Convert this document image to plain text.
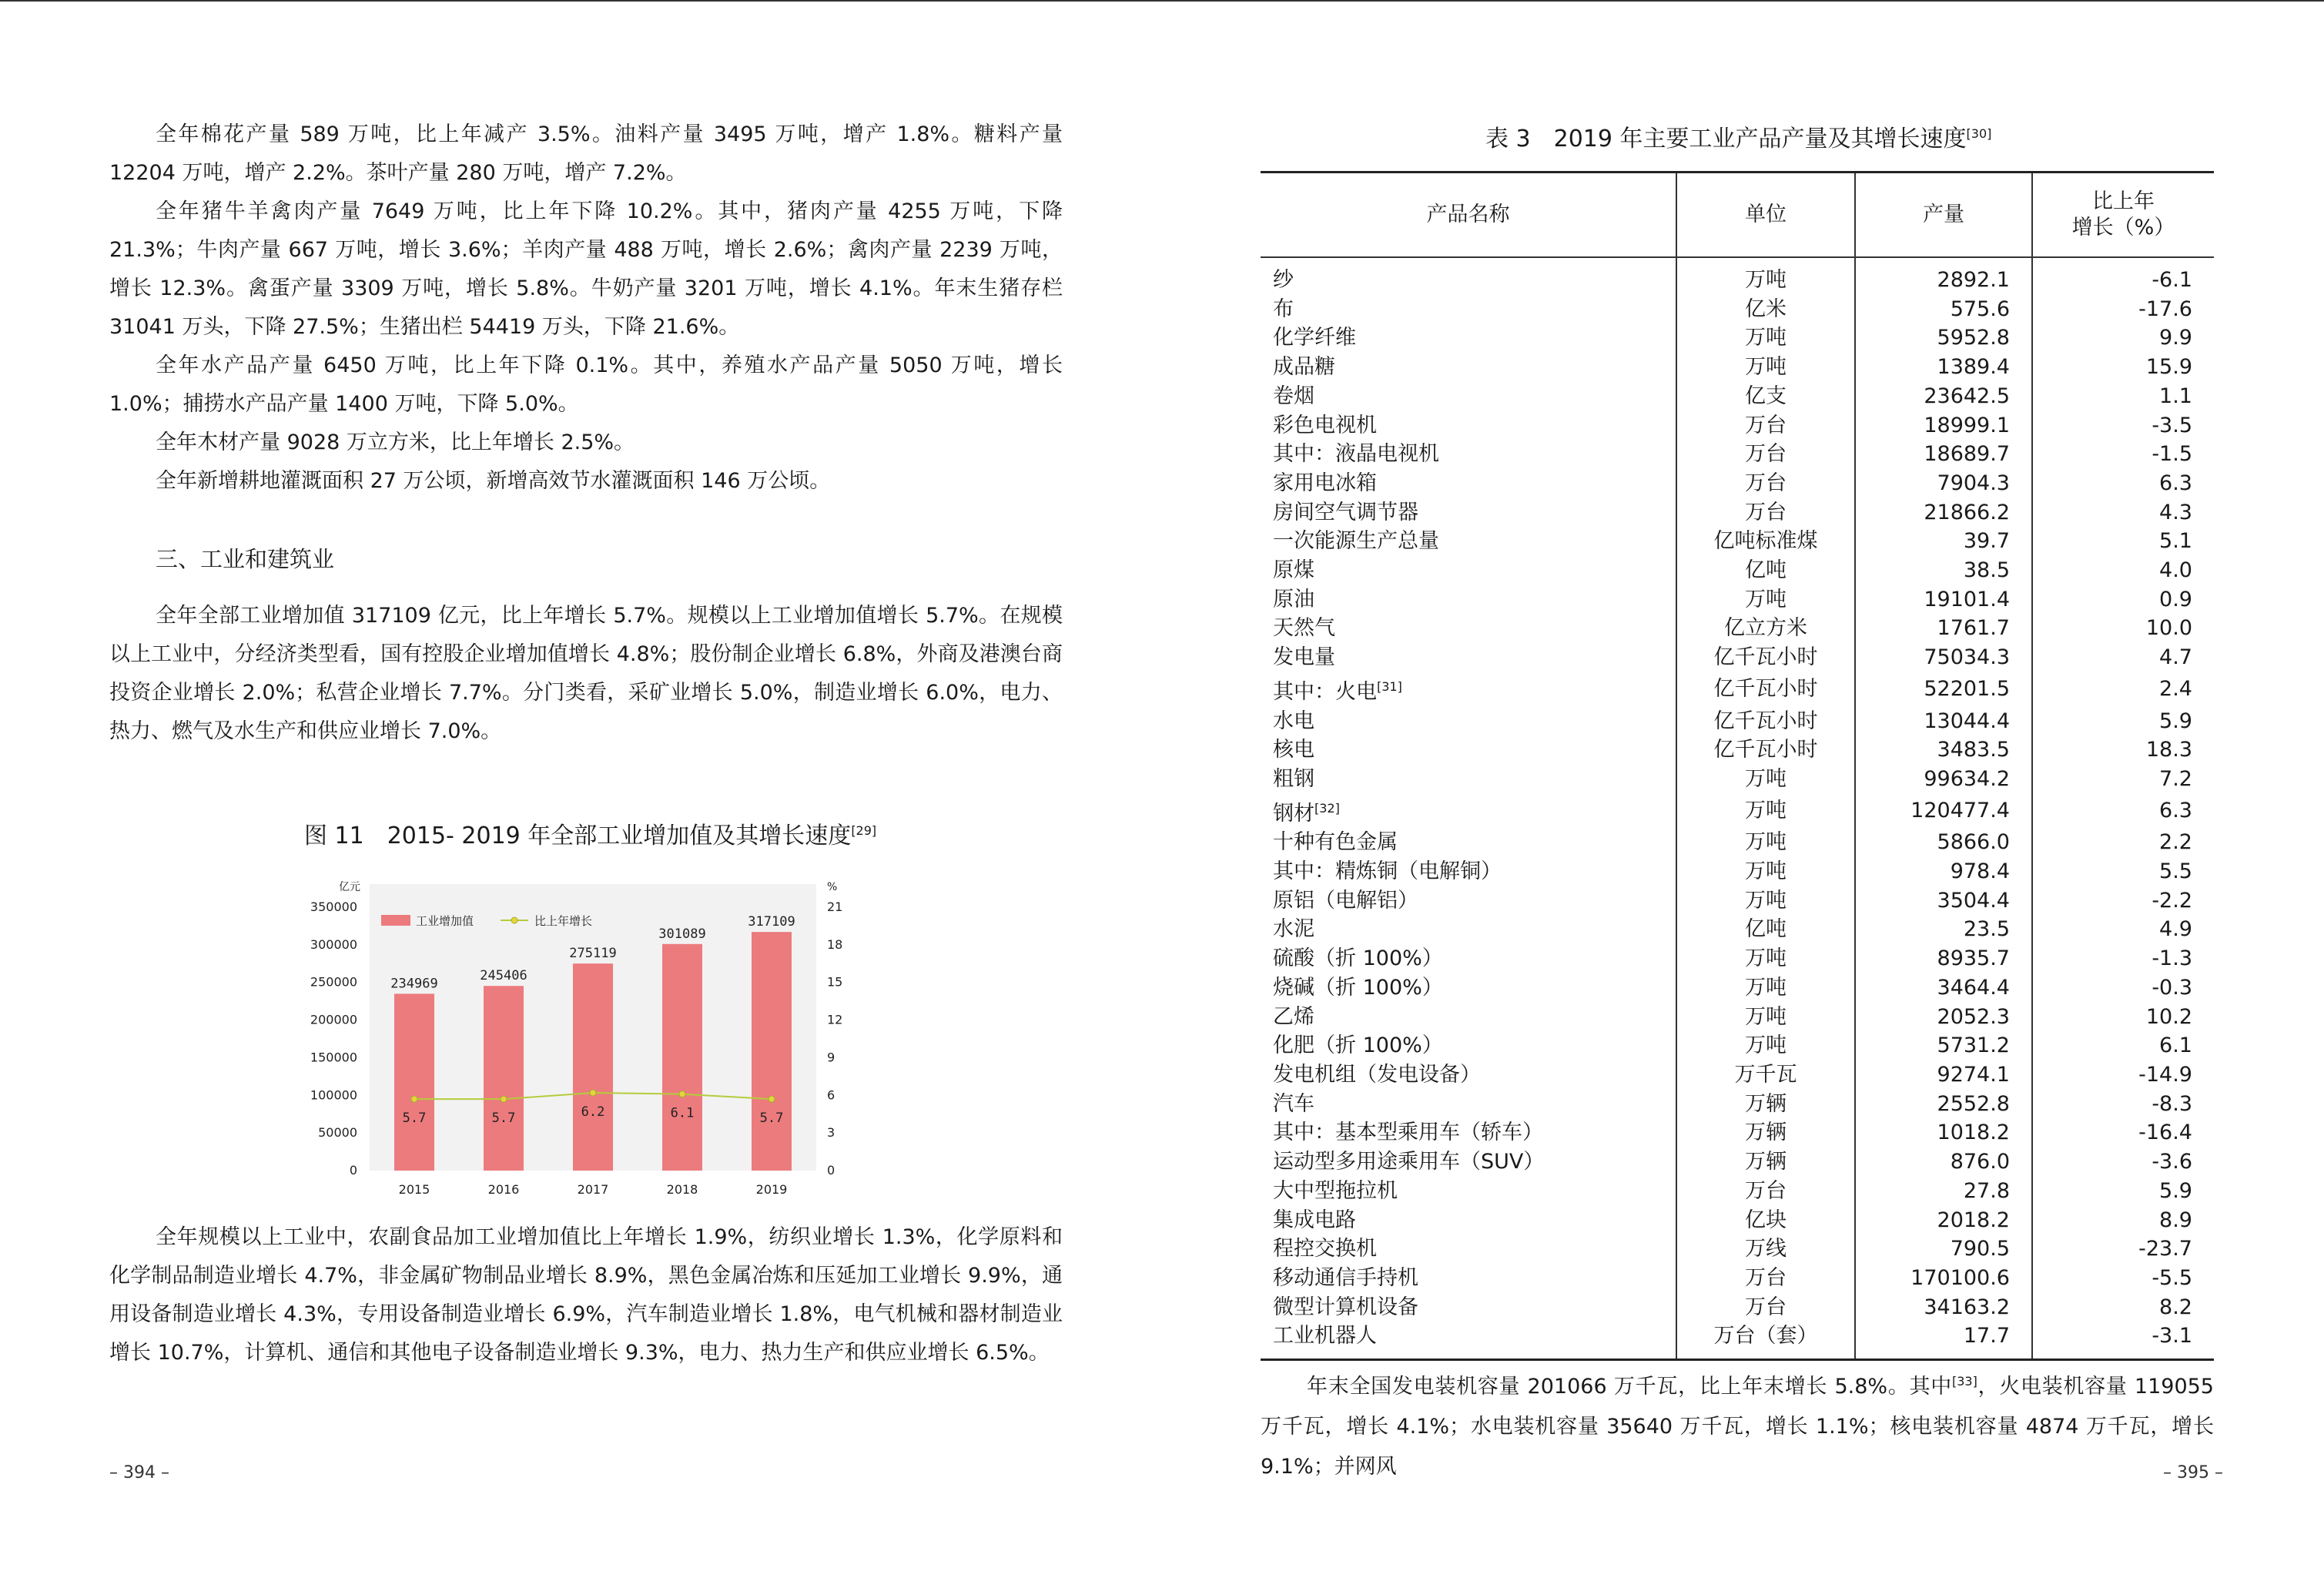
全年棉花产量 589 万吨，比上年减产 3.5%。油料产量 3495 万吨，增产 1.8%。糖料产量 12204 万吨，增产 2.2%。茶叶产量 280 万吨，增产 7.2%。

全年猪牛羊禽肉产量 7649 万吨，比上年下降 10.2%。其中，猪肉产量 4255 万吨，下降 21.3%；牛肉产量 667 万吨，增长 3.6%；羊肉产量 488 万吨，增长 2.6%；禽肉产量 2239 万吨，增长 12.3%。禽蛋产量 3309 万吨，增长 5.8%。牛奶产量 3201 万吨，增长 4.1%。年末生猪存栏 31041 万头，下降 27.5%；生猪出栏 54419 万头，下降 21.6%。

全年水产品产量 6450 万吨，比上年下降 0.1%。其中，养殖水产品产量 5050 万吨，增长 1.0%；捕捞水产品产量 1400 万吨，下降 5.0%。

全年木材产量 9028 万立方米，比上年增长 2.5%。

全年新增耕地灌溉面积 27 万公顷，新增高效节水灌溉面积 146 万公顷。

三、工业和建筑业

全年全部工业增加值 317109 亿元，比上年增长 5.7%。规模以上工业增加值增长 5.7%。在规模以上工业中，分经济类型看，国有控股企业增加值增长 4.8%；股份制企业增长 6.8%，外商及港澳台商投资企业增长 2.0%；私营企业增长 7.7%。分门类看，采矿业增长 5.0%，制造业增长 6.0%，电力、热力、燃气及水生产和供应业增长 7.0%。

图 11　2015- 2019 年全部工业增加值及其增长速度[29]
亿元	%
0
50000
100000
150000
200000
250000
300000
350000
0
3
6
9
12
15
18
21
234969
2015
245406
2016
275119
2017
301089
2018
317109
2019
5.7	5.7	6.2	6.1	5.7
工业增加值	比上年增长

全年规模以上工业中，农副食品加工业增加值比上年增长 1.9%，纺织业增长 1.3%，化学原料和化学制品制造业增长 4.7%，非金属矿物制品业增长 8.9%，黑色金属冶炼和压延加工业增长 9.9%，通用设备制造业增长 4.3%，专用设备制造业增长 6.9%，汽车制造业增长 1.8%，电气机械和器材制造业增长 10.7%，计算机、通信和其他电子设备制造业增长 9.3%，电力、热力生产和供应业增长 6.5%。

– 394 –
表 3　2019 年主要工业产品产量及其增长速度[30]
产品名称	单位	产量	比上年
增长（%）
纱	万吨	2892.1	-6.1
布	亿米	575.6	-17.6
化学纤维	万吨	5952.8	9.9
成品糖	万吨	1389.4	15.9
卷烟	亿支	23642.5	1.1
彩色电视机	万台	18999.1	-3.5
其中：液晶电视机	万台	18689.7	-1.5
家用电冰箱	万台	7904.3	6.3
房间空气调节器	万台	21866.2	4.3
一次能源生产总量	亿吨标准煤	39.7	5.1
原煤	亿吨	38.5	4.0
原油	万吨	19101.4	0.9
天然气	亿立方米	1761.7	10.0
发电量	亿千瓦小时	75034.3	4.7
其中：火电[31]	亿千瓦小时	52201.5	2.4
水电	亿千瓦小时	13044.4	5.9
核电	亿千瓦小时	3483.5	18.3
粗钢	万吨	99634.2	7.2
钢材[32]	万吨	120477.4	6.3
十种有色金属	万吨	5866.0	2.2
其中：精炼铜（电解铜）	万吨	978.4	5.5
原铝（电解铝）	万吨	3504.4	-2.2
水泥	亿吨	23.5	4.9
硫酸（折 100%）	万吨	8935.7	-1.3
烧碱（折 100%）	万吨	3464.4	-0.3
乙烯	万吨	2052.3	10.2
化肥（折 100%）	万吨	5731.2	6.1
发电机组（发电设备）	万千瓦	9274.1	-14.9
汽车	万辆	2552.8	-8.3
其中：基本型乘用车（轿车）	万辆	1018.2	-16.4
运动型多用途乘用车（SUV）	万辆	876.0	-3.6
大中型拖拉机	万台	27.8	5.9
集成电路	亿块	2018.2	8.9
程控交换机	万线	790.5	-23.7
移动通信手持机	万台	170100.6	-5.5
微型计算机设备	万台	34163.2	8.2
工业机器人	万台（套）	17.7	-3.1

年末全国发电装机容量 201066 万千瓦，比上年末增长 5.8%。其中[33]，火电装机容量 119055 万千瓦，增长 4.1%；水电装机容量 35640 万千瓦，增长 1.1%；核电装机容量 4874 万千瓦，增长 9.1%；并网风	– 395 –
